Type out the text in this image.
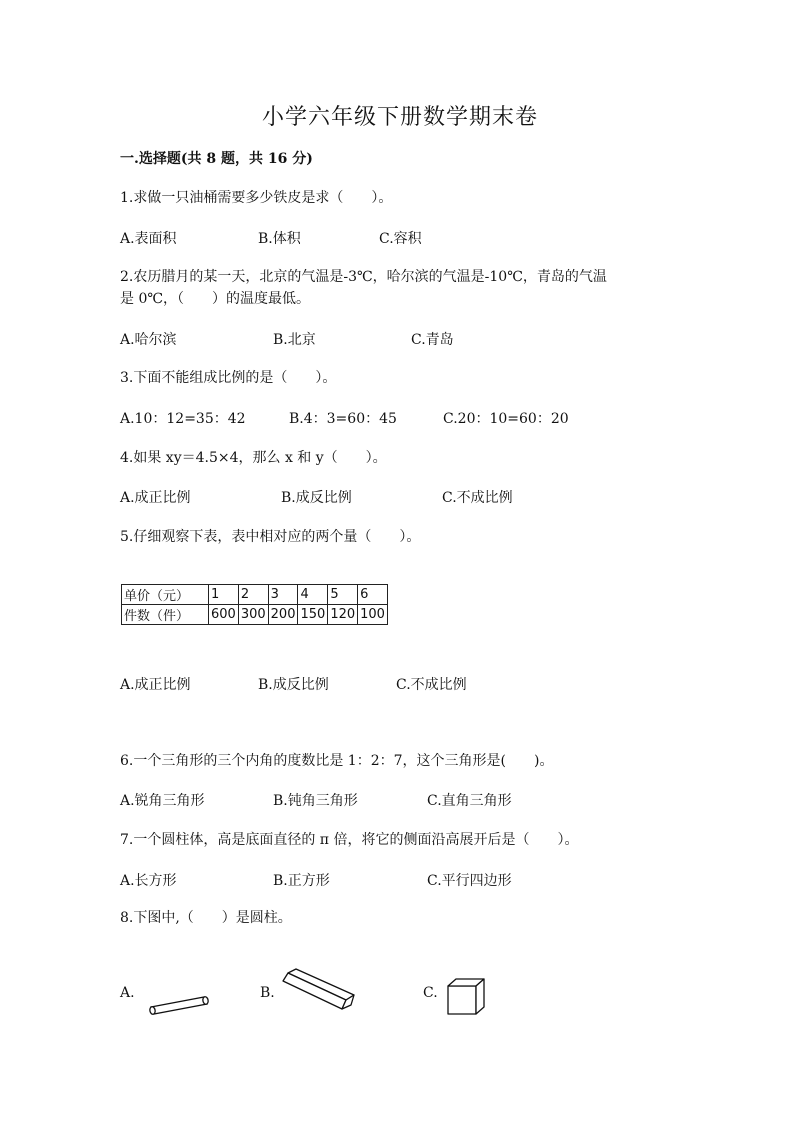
小学六年级下册数学期末卷
一.选择题(共 8 题，共 16 分)
1.求做一只油桶需要多少铁皮是求（　　）。
A.表面积	B.体积	C.容积
2.农历腊月的某一天，北京的气温是-3℃，哈尔滨的气温是-10℃，青岛的气温
是 0℃，（　　）的温度最低。
A.哈尔滨	B.北京	C.青岛
3.下面不能组成比例的是（　　）。
A.10：12=35：42	B.4：3=60：45	C.20：10=60：20
4.如果 xy＝4.5×4，那么 x 和 y（　　）。
A.成正比例	B.成反比例	C.不成比例
5.仔细观察下表，表中相对应的两个量（　　）。
单价（元）	1	2	3	4	5	6
件数（件）	600	300	200	150	120	100
A.成正比例	B.成反比例	C.不成比例
6.一个三角形的三个内角的度数比是 1：2：7，这个三角形是(　　)。
A.锐角三角形	B.钝角三角形	C.直角三角形
7.一个圆柱体，高是底面直径的 π 倍，将它的侧面沿高展开后是（　　）。
A.长方形	B.正方形	C.平行四边形
8.下图中,（　　）是圆柱。
A.	B.	C.
